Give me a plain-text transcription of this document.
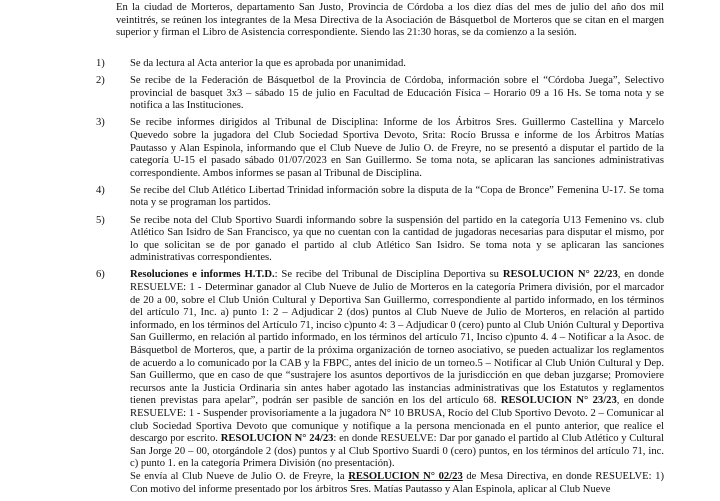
En la ciudad de Morteros, departamento San Justo, Provincia de Córdoba a los diez días del mes de julio del año dos mil veintitrés, se reúnen los integrantes de la Mesa Directiva de la Asociación de Básquetbol de Morteros que se citan en el margen superior y firman el Libro de Asistencia correspondiente. Siendo las 21:30 horas, se da comienzo a la sesión.
1)	Se da lectura al Acta anterior la que es aprobada por unanimidad.
2)	Se recibe de la Federación de Básquetbol de la Provincia de Córdoba, información sobre el “Córdoba Juega”, Selectivo provincial de basquet 3x3 – sábado 15 de julio en Facultad de Educación Física – Horario 09 a 16 Hs. Se toma nota y se notifica a las Instituciones.
3)	Se recibe informes dirigidos al Tribunal de Disciplina: Informe de los Árbitros Sres. Guillermo Castellina y Marcelo Quevedo sobre la jugadora del Club Sociedad Sportiva Devoto, Srita: Rocío Brussa e informe de los Árbitros Matías Pautasso y Alan Espinola, informando que el Club Nueve de Julio O. de Freyre, no se presentó a disputar el partido de la categoría U-15 el pasado sábado 01/07/2023 en San Guillermo. Se toma nota, se aplicaran las sanciones administrativas correspondiente. Ambos informes se pasan al Tribunal de Disciplina.
4)	Se recibe del Club Atlético Libertad Trinidad información sobre la disputa de la “Copa de Bronce” Femenina U-17. Se toma nota y se programan los partidos.
5)	Se recibe nota del Club Sportivo Suardi informando sobre la suspensión del partido en la categoría U13 Femenino vs. club Atlético San Isidro de San Francisco, ya que no cuentan con la cantidad de jugadoras necesarias para disputar el mismo, por lo que solicitan se de por ganado el partido al club Atlético San Isidro. Se toma nota y se aplicaran las sanciones administrativas correspondientes.
6)	Resoluciones e informes H.T.D.: Se recibe del Tribunal de Disciplina Deportiva su RESOLUCION N° 22/23, en donde RESUELVE: 1 - Determinar ganador al Club Nueve de Julio de Morteros en la categoría Primera división, por el marcador de 20 a 00, sobre el Club Unión Cultural y Deportiva San Guillermo, correspondiente al partido informado, en los términos del artículo 71, Inc. a) punto 1: 2 – Adjudicar 2 (dos) puntos al Club Nueve de Julio de Morteros, en relación al partido informado, en los términos del Artículo 71, inciso c)punto 4: 3 – Adjudicar 0 (cero) punto al Club Unión Cultural y Deportiva San Guillermo, en relación al partido informado, en los términos del artículo 71, Inciso c)punto 4. 4 – Notificar a la Asoc. de Básquetbol de Morteros, que, a partir de la próxima organización de torneo asociativo, se pueden actualizar los reglamentos de acuerdo a lo comunicado por la CAB y la FBPC, antes del inicio de un torneo.5 – Notificar al Club Unión Cultural y Dep. San Guillermo, que en caso de que “sustrajere los asuntos deportivos de la jurisdicción en que deban juzgarse; Promoviere recursos ante la Justicia Ordinaria sin antes haber agotado las instancias administrativas que los Estatutos y reglamentos tienen previstas para apelar”, podrán ser pasible de sanción en los del artículo 68. RESOLUCION N° 23/23, en donde RESUELVE: 1 - Suspender provisoriamente a la jugadora N° 10 BRUSA, Rocío del Club Sportivo Devoto. 2 – Comunicar al club Sociedad Sportiva Devoto que comunique y notifique a la persona mencionada en el punto anterior, que realice el descargo por escrito. RESOLUCION N° 24/23: en donde RESUELVE: Dar por ganado el partido al Club Atlético y Cultural San Jorge 20 – 00, otorgándole 2 (dos) puntos y al Club Sportivo Suardi 0 (cero) puntos, en los términos del artículo 71, inc. c) punto 1. en la categoría Primera División (no presentación).
Se envía al Club Nueve de Julio O. de Freyre, la RESOLUCION N° 02/23 de Mesa Directiva, en donde RESUELVE: 1) Con motivo del informe presentado por los árbitros Sres. Matías Pautasso y Alan Espinola, aplicar al Club Nueve
